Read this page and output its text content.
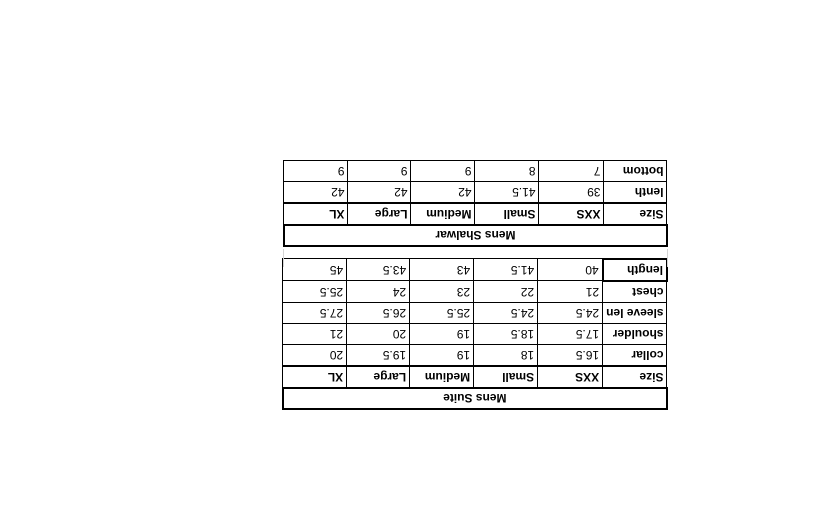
Mens Suite					
Size	XXS	Small	Medium	Large	XL
collar	16.5	18	19	19.5	20
shoulder	17.5	18.5	19	20	21
sleeve len	24.5	24.5	25.5	26.5	27.5
chest	21	22	23	24	25.5
length	40	41.5	43	43.5	45
Mens Shalwar					
Size	XXS	Small	Medium	Large	XL
lenth	39	41.5	42	42	42
bottom	7	8	9	9	9
